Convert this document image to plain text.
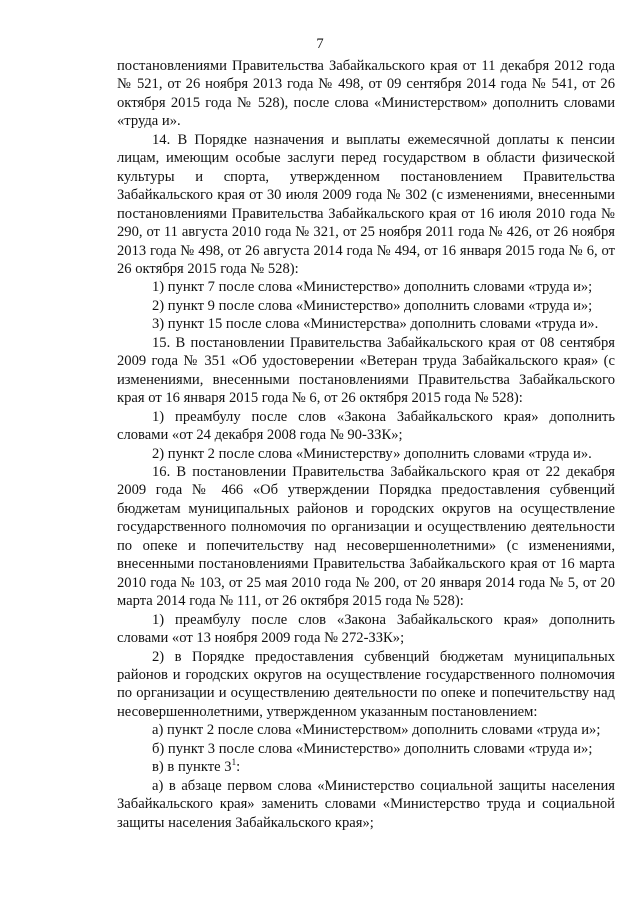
7

постановлениями Правительства Забайкальского края от 11 декабря 2012 года № 521, от 26 ноября 2013 года № 498, от 09 сентября 2014 года № 541, от 26 октября 2015 года № 528), после слова «Министерством» дополнить словами «труда и».

14. В Порядке назначения и выплаты ежемесячной доплаты к пенсии лицам, имеющим особые заслуги перед государством в области физической культуры и спорта, утвержденном постановлением Правительства Забайкальского края от 30 июля 2009 года № 302 (с изменениями, внесенными постановлениями Правительства Забайкальского края от 16 июля 2010 года № 290, от 11 августа 2010 года № 321, от 25 ноября 2011 года № 426, от 26 ноября 2013 года № 498, от 26 августа 2014 года № 494, от 16 января 2015 года № 6, от 26 октября 2015 года № 528):

1) пункт 7 после слова «Министерство» дополнить словами «труда и»;

2) пункт 9 после слова «Министерство» дополнить словами «труда и»;

3) пункт 15 после слова «Министерства» дополнить словами «труда и».

15. В постановлении Правительства Забайкальского края от 08 сентября 2009 года № 351 «Об удостоверении «Ветеран труда Забайкальского края» (с изменениями, внесенными постановлениями Правительства Забайкальского края от 16 января 2015 года № 6, от 26 октября 2015 года № 528):

1) преамбулу после слов «Закона Забайкальского края» дополнить словами «от 24 декабря 2008 года № 90-ЗЗК»;

2) пункт 2 после слова «Министерству» дополнить словами «труда и».

16. В постановлении Правительства Забайкальского края от 22 декабря 2009 года № 466 «Об утверждении Порядка предоставления субвенций бюджетам муниципальных районов и городских округов на осуществление государственного полномочия по организации и осуществлению деятельности по опеке и попечительству над несовершеннолетними» (с изменениями, внесенными постановлениями Правительства Забайкальского края от 16 марта 2010 года № 103, от 25 мая 2010 года № 200, от 20 января 2014 года № 5, от 20 марта 2014 года № 111, от 26 октября 2015 года № 528):

1) преамбулу после слов «Закона Забайкальского края» дополнить словами «от 13 ноября 2009 года № 272-ЗЗК»;

2) в Порядке предоставления субвенций бюджетам муниципальных районов и городских округов на осуществление государственного полномочия по организации и осуществлению деятельности по опеке и попечительству над несовершеннолетними, утвержденном указанным постановлением:

а) пункт 2 после слова «Министерством» дополнить словами «труда и»;

б) пункт 3 после слова «Министерство» дополнить словами «труда и»;

в) в пункте $3^1$:

а) в абзаце первом слова «Министерство социальной защиты населения Забайкальского края» заменить словами «Министерство труда и социальной защиты населения Забайкальского края»;
